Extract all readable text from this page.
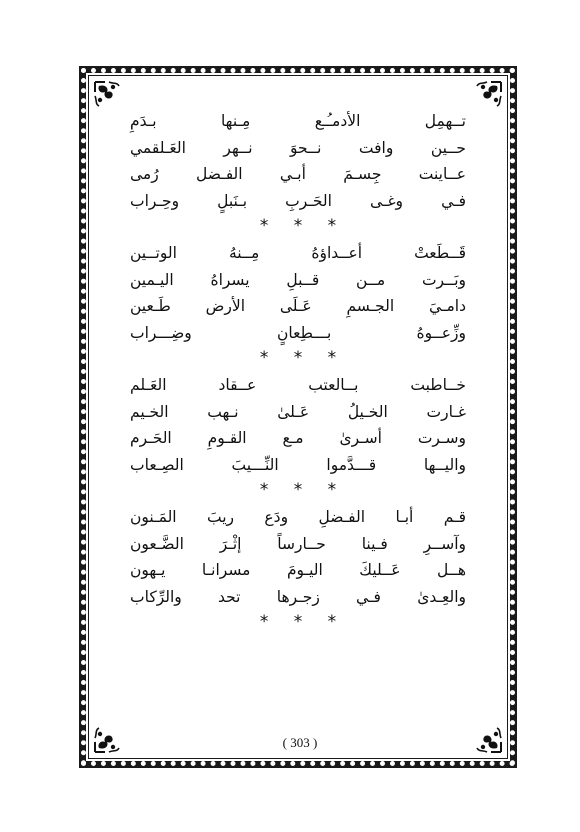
تــهمِل الأدمـُـع مِـنها بـدَمِ
حــين وافت نــحوَ نــهر العَـلقمي
عــاينت جِسـمَ أبـي الفـضل رُمى
فـي وغـى الحَـربِ بـنَبلٍ وحِـراب
* * *
قَــطَعتْ أعــداؤهُ مِــنهُ الوتــين
وبَــرت مــن قــبلِ يسراهُ اليـمين
دامـيَ الجـسمِ عَـلَى الأرض طَـعين
وزِّعــوهُ بـــطِعانٍ وضِـــراب
* * *
خــاطبت بــالعتب عــقاد العَـلم
غـارت الخـيلُ عَـلىٰ نـهب الخـيم
وسـرت أسـرىٰ مـع القـومِ الحَـرم
واليــها قـــدَّموا النِّـــيبَ الصِـعاب
* * *
قـم أبـا الفـضلِ ودَع ريبَ المَـنون
وآســرِ فـينا حــارساً إثْـرَ الضَّـعون
هــل عَــليكَ اليـومَ مسرانـا يـهون
والعِـدىٰ فـي زجـرها تحد والرِّكاب
* * *
( 303 )
